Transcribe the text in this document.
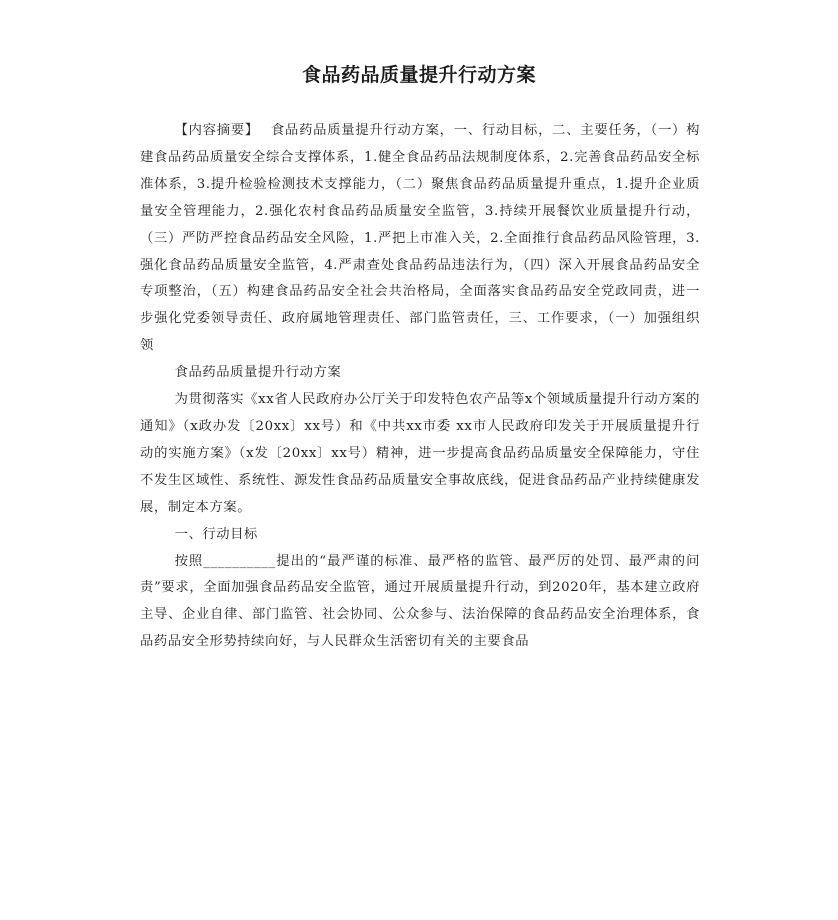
食品药品质量提升行动方案

【内容摘要】 食品药品质量提升行动方案，一、行动目标，二、主要任务，（一）构建食品药品质量安全综合支撑体系，1.健全食品药品法规制度体系，2.完善食品药品安全标准体系，3.提升检验检测技术支撑能力，（二）聚焦食品药品质量提升重点，1.提升企业质量安全管理能力，2.强化农村食品药品质量安全监管，3.持续开展餐饮业质量提升行动，（三）严防严控食品药品安全风险，1.严把上市准入关，2.全面推行食品药品风险管理，3.强化食品药品质量安全监管，4.严肃查处食品药品违法行为，（四）深入开展食品药品安全专项整治，（五）构建食品药品安全社会共治格局，全面落实食品药品安全党政同责，进一步强化党委领导责任、政府属地管理责任、部门监管责任，三、工作要求，（一）加强组织领

食品药品质量提升行动方案

为贯彻落实《xx省人民政府办公厅关于印发特色农产品等x个领域质量提升行动方案的通知》（x政办发〔20xx〕xx号）和《中共xx市委 xx市人民政府印发关于开展质量提升行动的实施方案》（x发〔20xx〕xx号）精神，进一步提高食品药品质量安全保障能力，守住不发生区域性、系统性、源发性食品药品质量安全事故底线，促进食品药品产业持续健康发展，制定本方案。

一、行动目标

按照__________提出的“最严谨的标准、最严格的监管、最严厉的处罚、最严肃的问责”要求，全面加强食品药品安全监管，通过开展质量提升行动，到2020年，基本建立政府主导、企业自律、部门监管、社会协同、公众参与、法治保障的食品药品安全治理体系，食品药品安全形势持续向好，与人民群众生活密切有关的主要食品
